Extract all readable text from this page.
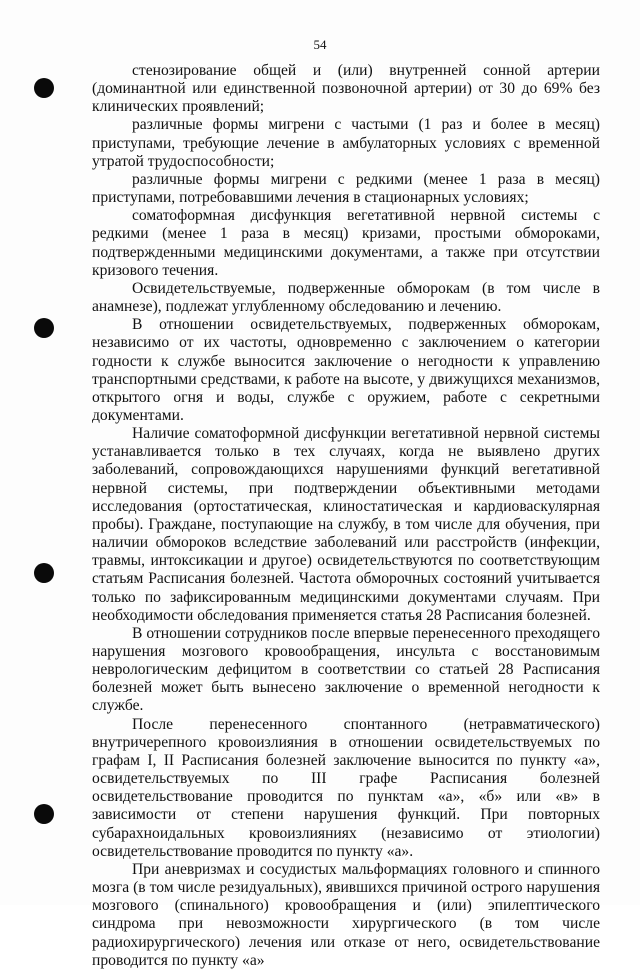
54

стенозирование общей и (или) внутренней сонной артерии (доминантной или единственной позвоночной артерии) от 30 до 69% без клинических проявлений;

различные формы мигрени с частыми (1 раз и более в месяц) приступами, требующие лечение в амбулаторных условиях с временной утратой трудоспособности;

различные формы мигрени с редкими (менее 1 раза в месяц) приступами, потребовавшими лечения в стационарных условиях;

соматоформная дисфункция вегетативной нервной системы с редкими (менее 1 раза в месяц) кризами, простыми обмороками, подтвержденными медицинскими документами, а также при отсутствии кризового течения.

Освидетельствуемые, подверженные обморокам (в том числе в анамнезе), подлежат углубленному обследованию и лечению.

В отношении освидетельствуемых, подверженных обморокам, независимо от их частоты, одновременно с заключением о категории годности к службе выносится заключение о негодности к управлению транспортными средствами, к работе на высоте, у движущихся механизмов, открытого огня и воды, службе с оружием, работе с секретными документами.

Наличие соматоформной дисфункции вегетативной нервной системы устанавливается только в тех случаях, когда не выявлено других заболеваний, сопровождающихся нарушениями функций вегетативной нервной системы, при подтверждении объективными методами исследования (ортостатическая, клиностатическая и кардиоваскулярная пробы). Граждане, поступающие на службу, в том числе для обучения, при наличии обмороков вследствие заболеваний или расстройств (инфекции, травмы, интоксикации и другое) освидетельствуются по соответствующим статьям Расписания болезней. Частота обморочных состояний учитывается только по зафиксированным медицинскими документами случаям. При необходимости обследования применяется статья 28 Расписания болезней.

В отношении сотрудников после впервые перенесенного преходящего нарушения мозгового кровообращения, инсульта с восстановимым неврологическим дефицитом в соответствии со статьей 28 Расписания болезней может быть вынесено заключение о временной негодности к службе.

После перенесенного спонтанного (нетравматического) внутричерепного кровоизлияния в отношении освидетельствуемых по графам I, II Расписания болезней заключение выносится по пункту «а», освидетельствуемых по III графе Расписания болезней освидетельствование проводится по пунктам «а», «б» или «в» в зависимости от степени нарушения функций. При повторных субарахноидальных кровоизлияниях (независимо от этиологии) освидетельствование проводится по пункту «а».

При аневризмах и сосудистых мальформациях головного и спинного мозга (в том числе резидуальных), явившихся причиной острого нарушения мозгового (спинального) кровообращения и (или) эпилептического синдрома при невозможности хирургического (в том числе радиохирургического) лечения или отказе от него, освидетельствование проводится по пункту «а»
